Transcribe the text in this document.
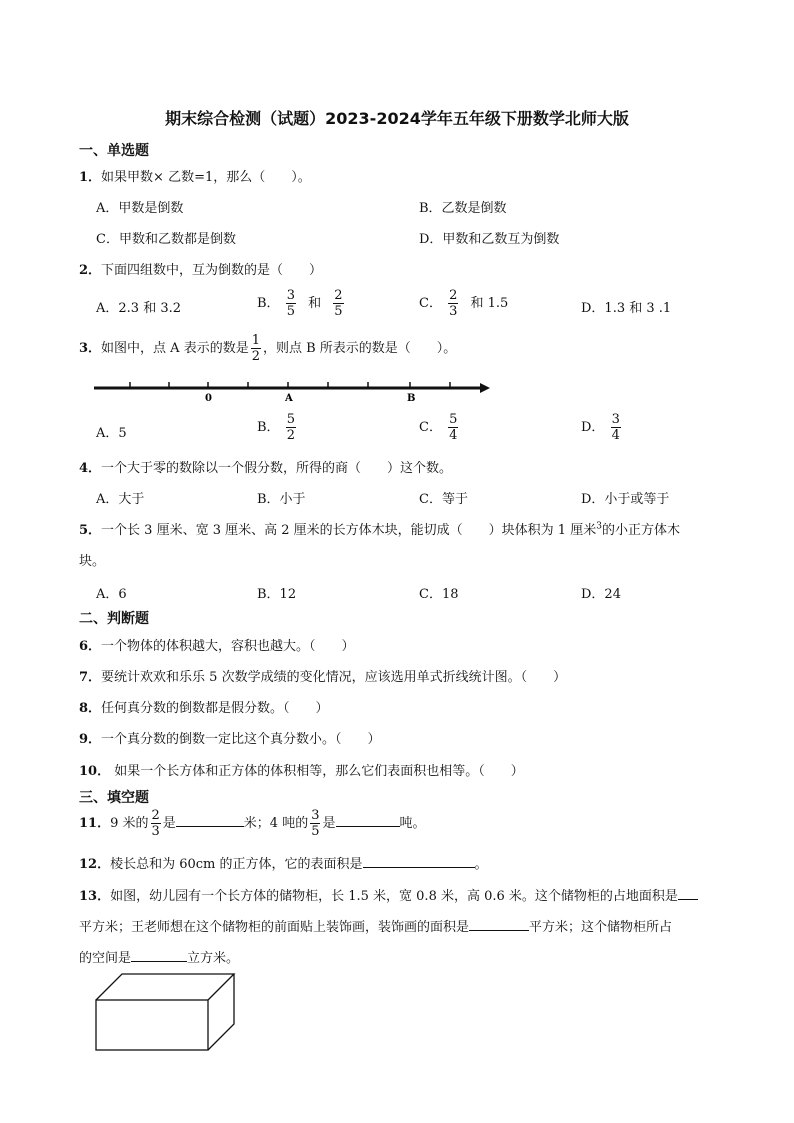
期末综合检测（试题）2023-2024学年五年级下册数学北师大版
一、单选题
1．如果甲数× 乙数=1，那么（　　）。
A．甲数是倒数	B．乙数是倒数
C．甲数和乙数都是倒数	D．甲数和乙数互为倒数
2．下面四组数中，互为倒数的是（　　）
A．2.3 和 3.2	B． $\frac{3}{5}$ 和 $\frac{2}{5}$	C． $\frac{2}{3}$ 和 1.5	D．1.3 和 3 .1
3．如图中，点 A 表示的数是 $\frac{1}{2}$ ，则点 B 所表示的数是（　　）。
0	A	B
A．5	B． $\frac{5}{2}$	C． $\frac{5}{4}$	D． $\frac{3}{4}$
4．一个大于零的数除以一个假分数，所得的商（　　）这个数。
A．大于	B．小于	C．等于	D．小于或等于
5．一个长 3 厘米、宽 3 厘米、高 2 厘米的长方体木块，能切成（　　）块体积为 1 厘米$^3$的小正方体木
块。
A．6	B．12	C．18	D．24
二、判断题
6．一个物体的体积越大，容积也越大。（　　）
7．要统计欢欢和乐乐 5 次数学成绩的变化情况，应该选用单式折线统计图。（　　）
8．任何真分数的倒数都是假分数。（　　）
9．一个真分数的倒数一定比这个真分数小。（　　）
10． 如果一个长方体和正方体的体积相等，那么它们表面积也相等。（　　）
三、填空题
11．9 米的 $\frac{2}{3}$ 是	米；4 吨的 $\frac{3}{5}$ 是	吨。
12．棱长总和为 60cm 的正方体，它的表面积是	。
13．如图，幼儿园有一个长方体的储物柜，长 1.5 米，宽 0.8 米，高 0.6 米。这个储物柜的占地面积是
平方米；王老师想在这个储物柜的前面贴上装饰画，装饰画的面积是	平方米；这个储物柜所占
的空间是	立方米。
